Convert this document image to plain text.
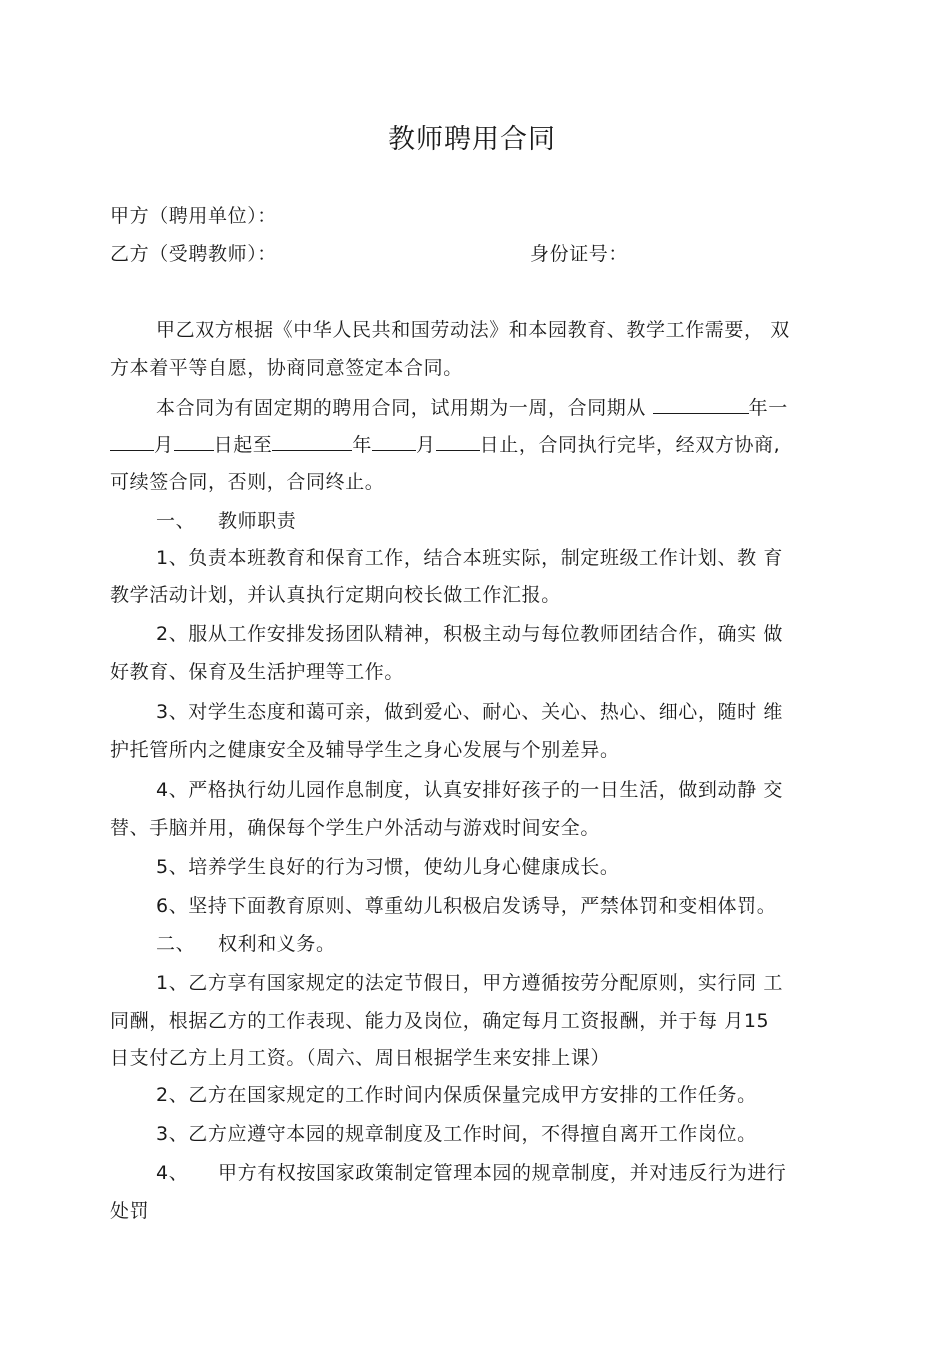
教师聘用合同
甲方（聘用单位）：
乙方（受聘教师）：	身份证号：
甲乙双方根据《中华人民共和国劳动法》和本园教育、教学工作需要， 双
方本着平等自愿，协商同意签定本合同。
本合同为有固定期的聘用合同，试用期为一周，合同期从	年一
月 日起至	年 月 日止，合同执行完毕，经双方协商,
可续签合同，否则，合同终止。
一、 教师职责
1、负责本班教育和保育工作，结合本班实际，制定班级工作计划、教 育
教学活动计划，并认真执行定期向校长做工作汇报。
2、服从工作安排发扬团队精神，积极主动与每位教师团结合作，确实 做
好教育、保育及生活护理等工作。
3、对学生态度和蔼可亲，做到爱心、耐心、关心、热心、细心，随时 维
护托管所内之健康安全及辅导学生之身心发展与个别差异。
4、严格执行幼儿园作息制度，认真安排好孩子的一日生活，做到动静 交
替、手脑并用，确保每个学生户外活动与游戏时间安全。
5、培养学生良好的行为习惯，使幼儿身心健康成长。
6、坚持下面教育原则、尊重幼儿积极启发诱导，严禁体罚和变相体罚。
二、 权利和义务。
1、乙方享有国家规定的法定节假日，甲方遵循按劳分配原则，实行同 工
同酬，根据乙方的工作表现、能力及岗位，确定每月工资报酬，并于每 月15
日支付乙方上月工资。（周六、周日根据学生来安排上课）
2、乙方在国家规定的工作时间内保质保量完成甲方安排的工作任务。
3、乙方应遵守本园的规章制度及工作时间，不得擅自离开工作岗位。
4、 甲方有权按国家政策制定管理本园的规章制度，并对违反行为进行
处罚
